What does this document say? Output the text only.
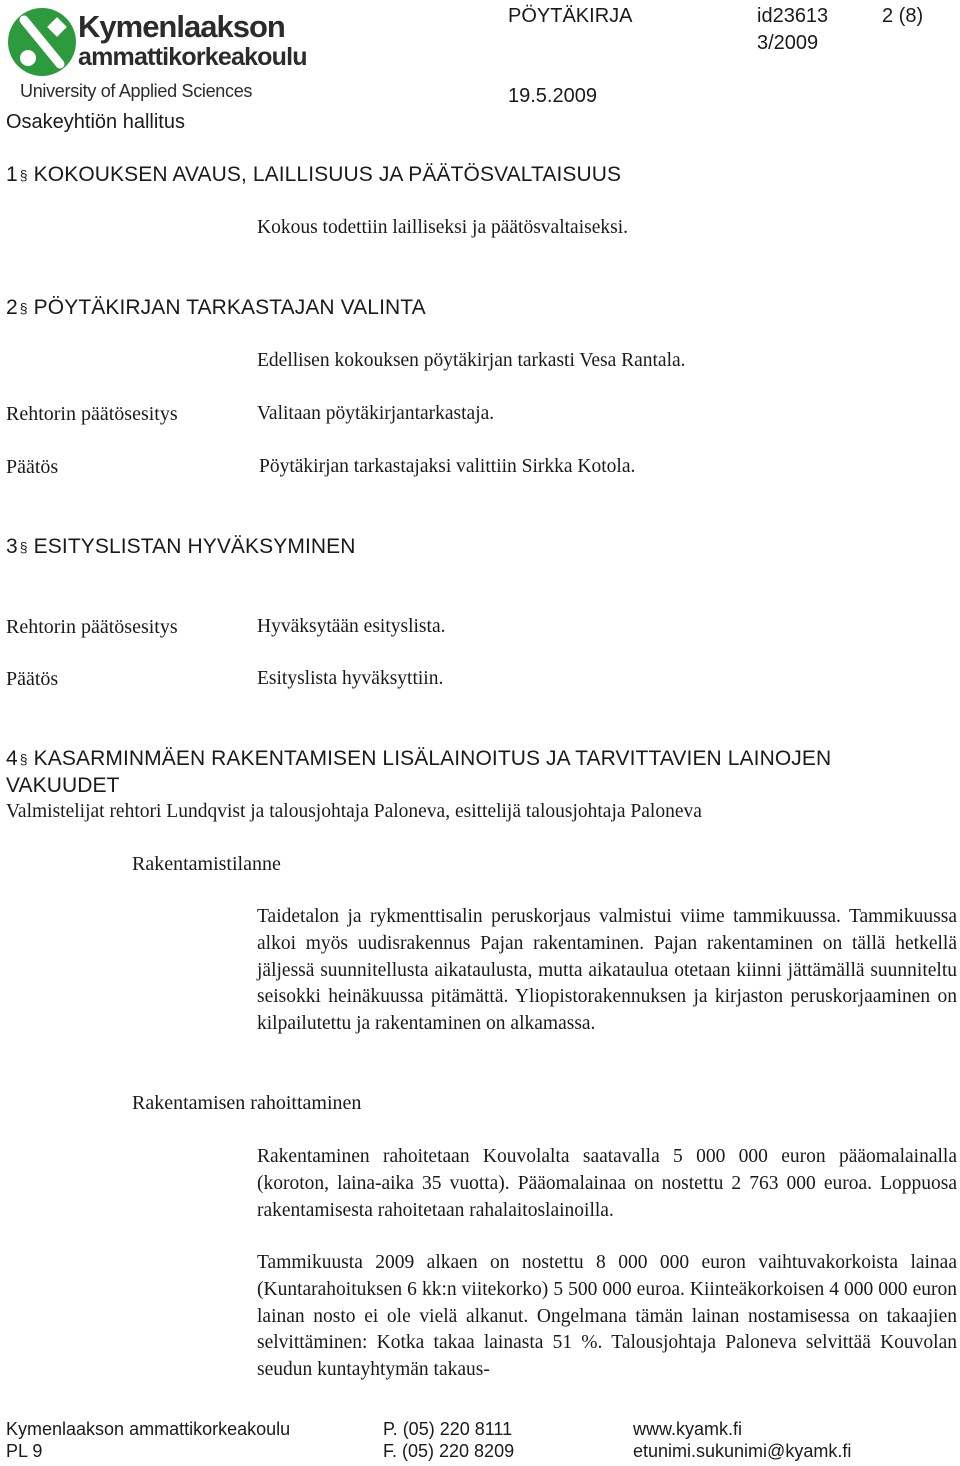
Kymenlaakson
ammattikorkeakoulu
University of Applied Sciences
Osakeyhtiön hallitus
PÖYTÄKIRJA	id23613	2 (8)
3/2009
19.5.2009
1 § KOKOUKSEN AVAUS, LAILLISUUS JA PÄÄTÖSVALTAISUUS
Kokous todettiin lailliseksi ja päätösvaltaiseksi.
2 § PÖYTÄKIRJAN TARKASTAJAN VALINTA
Edellisen kokouksen pöytäkirjan tarkasti Vesa Rantala.
Rehtorin päätösesitys	Valitaan pöytäkirjantarkastaja.
Päätös	Pöytäkirjan tarkastajaksi valittiin Sirkka Kotola.
3 § ESITYSLISTAN HYVÄKSYMINEN
Rehtorin päätösesitys	Hyväksytään esityslista.
Päätös	Esityslista hyväksyttiin.
4 § KASARMINMÄEN RAKENTAMISEN LISÄLAINOITUS JA TARVITTAVIEN LAINOJEN
VAKUUDET
Valmistelijat rehtori Lundqvist ja talousjohtaja Paloneva, esittelijä talousjohtaja Paloneva
Rakentamistilanne
Taidetalon ja rykmenttisalin peruskorjaus valmistui viime tammikuussa. Tammikuussa alkoi myös uudisrakennus Pajan rakentaminen. Pajan rakentaminen on tällä hetkellä jäljessä suunnitellusta aikataulusta, mutta aikataulua otetaan kiinni jättämällä suunniteltu seisokki heinäkuussa pitämättä. Yliopistorakennuksen ja kirjaston peruskorjaaminen on kilpailutettu ja rakentaminen on alkamassa.
Rakentamisen rahoittaminen
Rakentaminen rahoitetaan Kouvolalta saatavalla 5 000 000 euron pääomalainalla (koroton, laina-aika 35 vuotta). Pääomalainaa on nostettu 2 763 000 euroa. Loppuosa rakentamisesta rahoitetaan rahalaitoslainoilla.
Tammikuusta 2009 alkaen on nostettu 8 000 000 euron vaihtuvakorkoista lainaa (Kuntarahoituksen 6 kk:n viitekorko) 5 500 000 euroa. Kiinteäkorkoisen 4 000 000 euron lainan nosto ei ole vielä alkanut. Ongelmana tämän lainan nostamisessa on takaajien selvittäminen: Kotka takaa lainasta 51 %. Talousjohtaja Paloneva selvittää Kouvolan seudun kuntayhtymän takaus-
Kymenlaakson ammattikorkeakoulu
PL 9
P. (05) 220 8111
F. (05) 220 8209
www.kyamk.fi
etunimi.sukunimi@kyamk.fi
